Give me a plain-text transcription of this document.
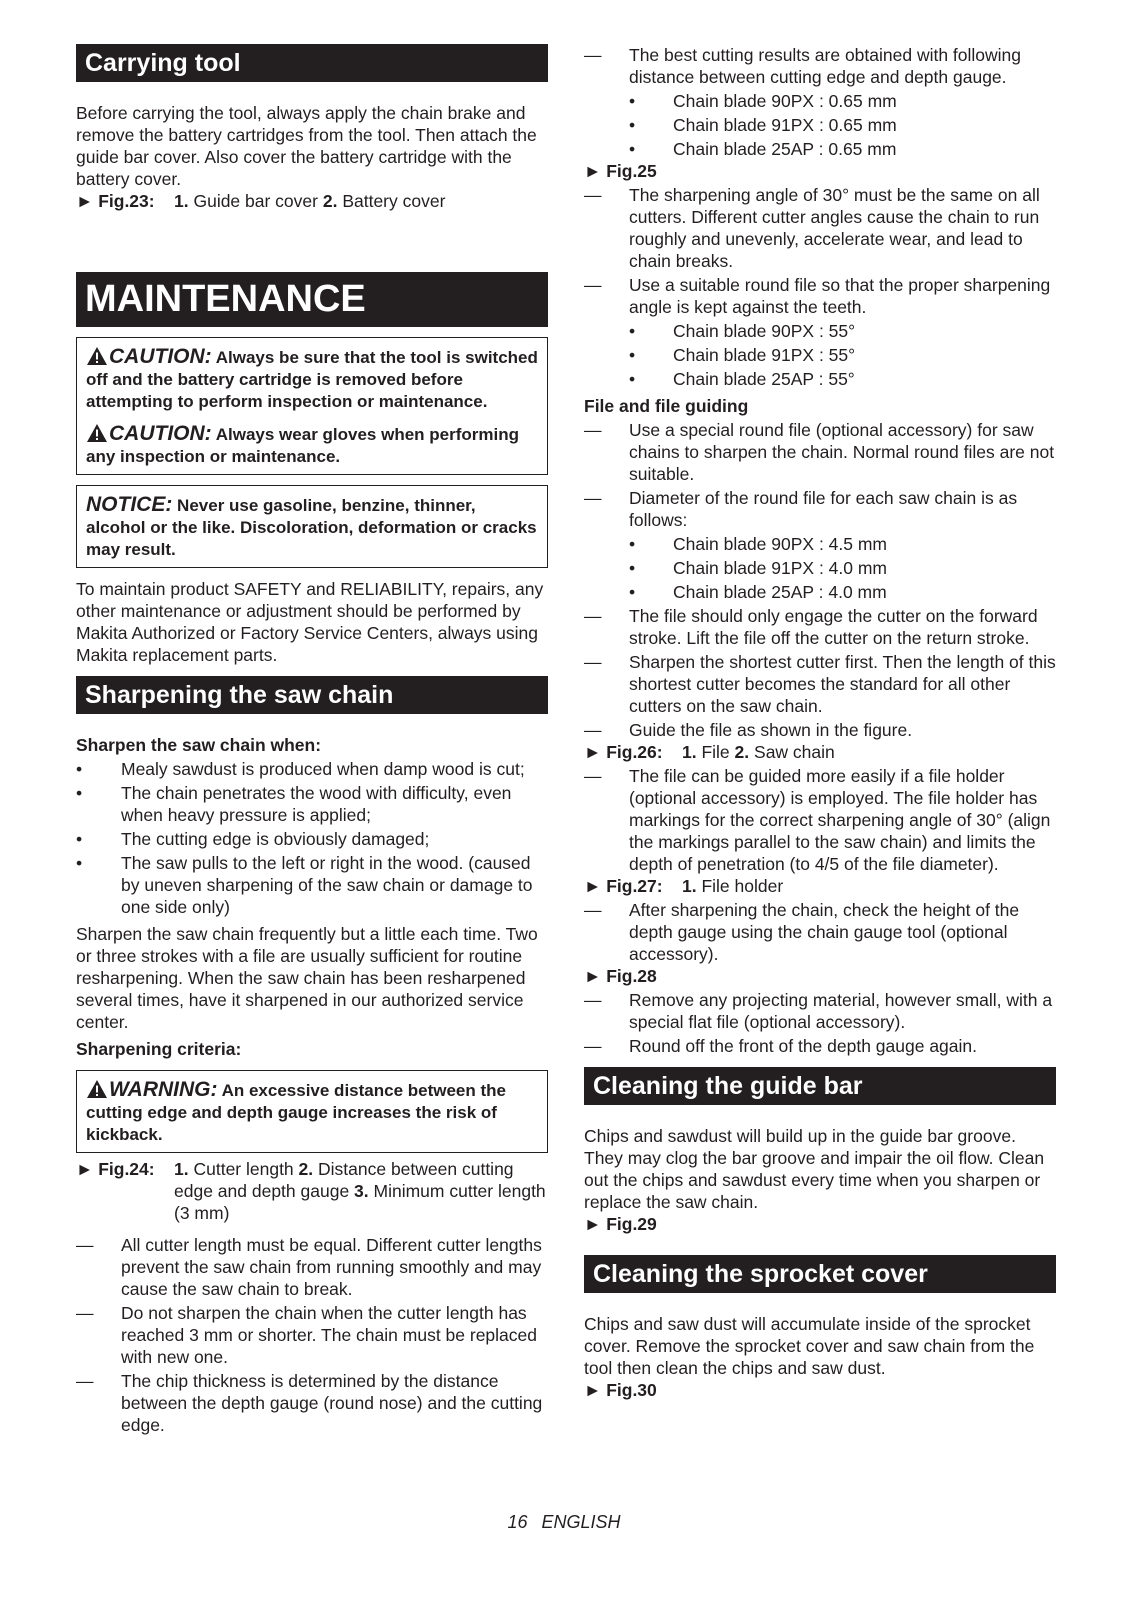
Carrying tool

Before carrying the tool, always apply the chain brake and remove the battery cartridges from the tool. Then attach the guide bar cover. Also cover the battery cartridge with the battery cover.

► Fig.23:	1. Guide bar cover 2. Battery cover
MAINTENANCE
CAUTION: Always be sure that the tool is switched off and the battery cartridge is removed before attempting to perform inspection or maintenance.
CAUTION: Always wear gloves when performing any inspection or maintenance.
NOTICE: Never use gasoline, benzine, thinner, alcohol or the like. Discoloration, deformation or cracks may result.

To maintain product SAFETY and RELIABILITY, repairs, any other maintenance or adjustment should be performed by Makita Authorized or Factory Service Centers, always using Makita replacement parts.

Sharpening the saw chain

Sharpen the saw chain when:

•	Mealy sawdust is produced when damp wood is cut;
•	The chain penetrates the wood with difficulty, even when heavy pressure is applied;
•	The cutting edge is obviously damaged;
•	The saw pulls to the left or right in the wood. (caused by uneven sharpening of the saw chain or damage to one side only)

Sharpen the saw chain frequently but a little each time. Two or three strokes with a file are usually sufficient for routine resharpening. When the saw chain has been resharpened several times, have it sharpened in our authorized service center.

Sharpening criteria:

WARNING: An excessive distance between the cutting edge and depth gauge increases the risk of kickback.
► Fig.24:	1. Cutter length 2. Distance between cutting edge and depth gauge 3. Minimum cutter length (3 mm)
—	All cutter length must be equal. Different cutter lengths prevent the saw chain from running smoothly and may cause the saw chain to break.
—	Do not sharpen the chain when the cutter length has reached 3 mm or shorter. The chain must be replaced with new one.
—	The chip thickness is determined by the distance between the depth gauge (round nose) and the cutting edge.
—	The best cutting results are obtained with following distance between cutting edge and depth gauge.
•	Chain blade 90PX : 0.65 mm
•	Chain blade 91PX : 0.65 mm
•	Chain blade 25AP : 0.65 mm

► Fig.25

—	The sharpening angle of 30° must be the same on all cutters. Different cutter angles cause the chain to run roughly and unevenly, accelerate wear, and lead to chain breaks.
—	Use a suitable round file so that the proper sharpening angle is kept against the teeth.
•	Chain blade 90PX : 55°
•	Chain blade 91PX : 55°
•	Chain blade 25AP : 55°

File and file guiding

—	Use a special round file (optional accessory) for saw chains to sharpen the chain. Normal round files are not suitable.
—	Diameter of the round file for each saw chain is as follows:
•	Chain blade 90PX : 4.5 mm
•	Chain blade 91PX : 4.0 mm
•	Chain blade 25AP : 4.0 mm
—	The file should only engage the cutter on the forward stroke. Lift the file off the cutter on the return stroke.
—	Sharpen the shortest cutter first. Then the length of this shortest cutter becomes the standard for all other cutters on the saw chain.
—	Guide the file as shown in the figure.
► Fig.26:	1. File 2. Saw chain
—	The file can be guided more easily if a file holder (optional accessory) is employed. The file holder has markings for the correct sharpening angle of 30° (align the markings parallel to the saw chain) and limits the depth of penetration (to 4/5 of the file diameter).
► Fig.27:	1. File holder
—	After sharpening the chain, check the height of the depth gauge using the chain gauge tool (optional accessory).

► Fig.28

—	Remove any projecting material, however small, with a special flat file (optional accessory).
—	Round off the front of the depth gauge again.
Cleaning the guide bar

Chips and sawdust will build up in the guide bar groove. They may clog the bar groove and impair the oil flow. Clean out the chips and sawdust every time when you sharpen or replace the saw chain.

► Fig.29

Cleaning the sprocket cover

Chips and saw dust will accumulate inside of the sprocket cover. Remove the sprocket cover and saw chain from the tool then clean the chips and saw dust.

► Fig.30

16 ENGLISH
